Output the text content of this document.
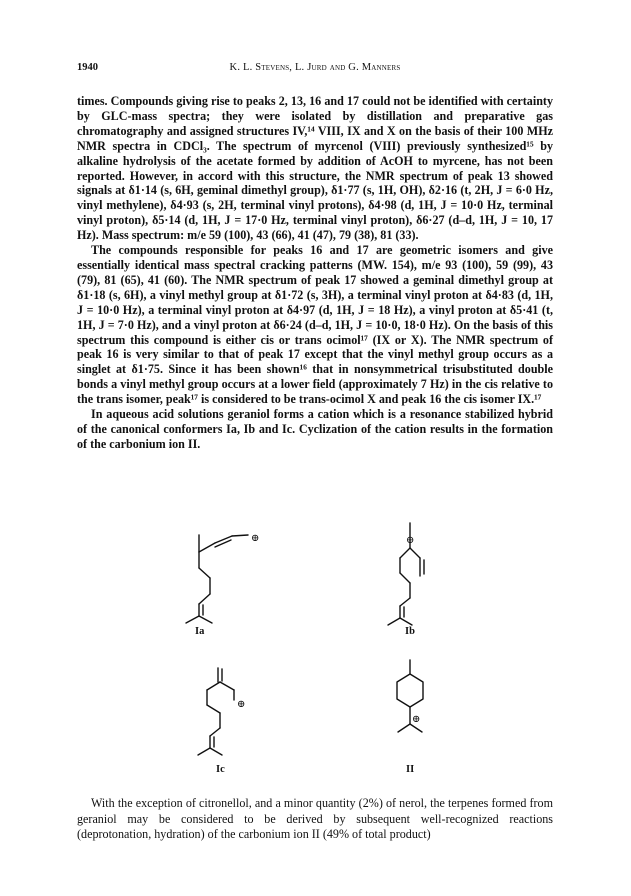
1940	K. L. Stevens, L. Jurd and G. Manners

times. Compounds giving rise to peaks 2, 13, 16 and 17 could not be identified with certainty by GLC-mass spectra; they were isolated by distillation and preparative gas chromatography and assigned structures IV,¹⁴ VIII, IX and X on the basis of their 100 MHz NMR spectra in CDCl₃. The spectrum of myrcenol (VIII) previously synthesized¹⁵ by alkaline hydrolysis of the acetate formed by addition of AcOH to myrcene, has not been reported. However, in accord with this structure, the NMR spectrum of peak 13 showed signals at δ1·14 (s, 6H, geminal dimethyl group), δ1·77 (s, 1H, OH), δ2·16 (t, 2H, J = 6·0 Hz, vinyl methylene), δ4·93 (s, 2H, terminal vinyl protons), δ4·98 (d, 1H, J = 10·0 Hz, terminal vinyl proton), δ5·14 (d, 1H, J = 17·0 Hz, terminal vinyl proton), δ6·27 (d–d, 1H, J = 10, 17 Hz). Mass spectrum: m/e 59 (100), 43 (66), 41 (47), 79 (38), 81 (33).

The compounds responsible for peaks 16 and 17 are geometric isomers and give essentially identical mass spectral cracking patterns (MW. 154), m/e 93 (100), 59 (99), 43 (79), 81 (65), 41 (60). The NMR spectrum of peak 17 showed a geminal dimethyl group at δ1·18 (s, 6H), a vinyl methyl group at δ1·72 (s, 3H), a terminal vinyl proton at δ4·83 (d, 1H, J = 10·0 Hz), a terminal vinyl proton at δ4·97 (d, 1H, J = 18 Hz), a vinyl proton at δ5·41 (t, 1H, J = 7·0 Hz), and a vinyl proton at δ6·24 (d–d, 1H, J = 10·0, 18·0 Hz). On the basis of this spectrum this compound is either cis or trans ocimol¹⁷ (IX or X). The NMR spectrum of peak 16 is very similar to that of peak 17 except that the vinyl methyl group occurs as a singlet at δ1·75. Since it has been shown¹⁶ that in nonsymmetrical trisubstituted double bonds a vinyl methyl group occurs at a lower field (approximately 7 Hz) in the cis relative to the trans isomer, peak¹⁷ is considered to be trans-ocimol X and peak 16 the cis isomer IX.¹⁷

In aqueous acid solutions geraniol forms a cation which is a resonance stabilized hybrid of the canonical conformers Ia, Ib and Ic. Cyclization of the cation results in the formation of the carbonium ion II.

⊕	⊕
⊕
⊕
Ia	Ib
Ic	II

With the exception of citronellol, and a minor quantity (2%) of nerol, the terpenes formed from geraniol may be considered to be derived by subsequent well-recognized reactions (deprotonation, hydration) of the carbonium ion II (49% of total product)
